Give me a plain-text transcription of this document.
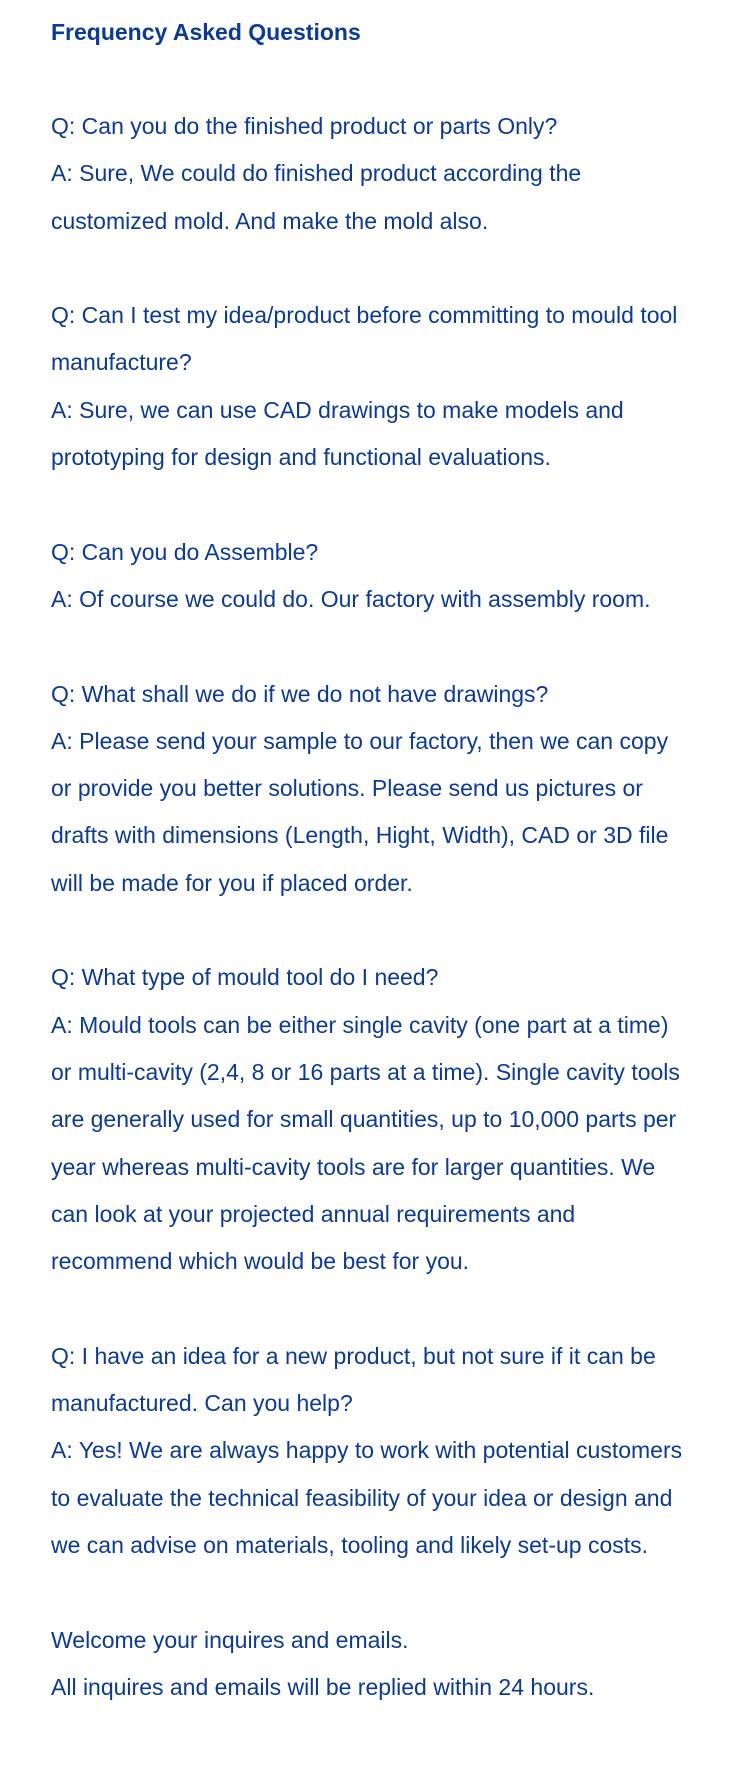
Frequency Asked Questions

Q: Can you do the finished product or parts Only?

A: Sure, We could do finished product according the customized mold. And make the mold also.

Q: Can I test my idea/product before committing to mould tool manufacture?

A: Sure, we can use CAD drawings to make models and prototyping for design and functional evaluations.

Q: Can you do Assemble?

A: Of course we could do. Our factory with assembly room.

Q: What shall we do if we do not have drawings?

A: Please send your sample to our factory, then we can copy or provide you better solutions. Please send us pictures or drafts with dimensions (Length, Hight, Width), CAD or 3D file will be made for you if placed order.

Q: What type of mould tool do I need?

A: Mould tools can be either single cavity (one part at a time) or multi-cavity (2,4, 8 or 16 parts at a time). Single cavity tools are generally used for small quantities, up to 10,000 parts per year whereas multi-cavity tools are for larger quantities. We can look at your projected annual requirements and recommend which would be best for you.

Q: I have an idea for a new product, but not sure if it can be manufactured. Can you help?

A: Yes! We are always happy to work with potential customers to evaluate the technical feasibility of your idea or design and we can advise on materials, tooling and likely set-up costs.

Welcome your inquires and emails.

All inquires and emails will be replied within 24 hours.
